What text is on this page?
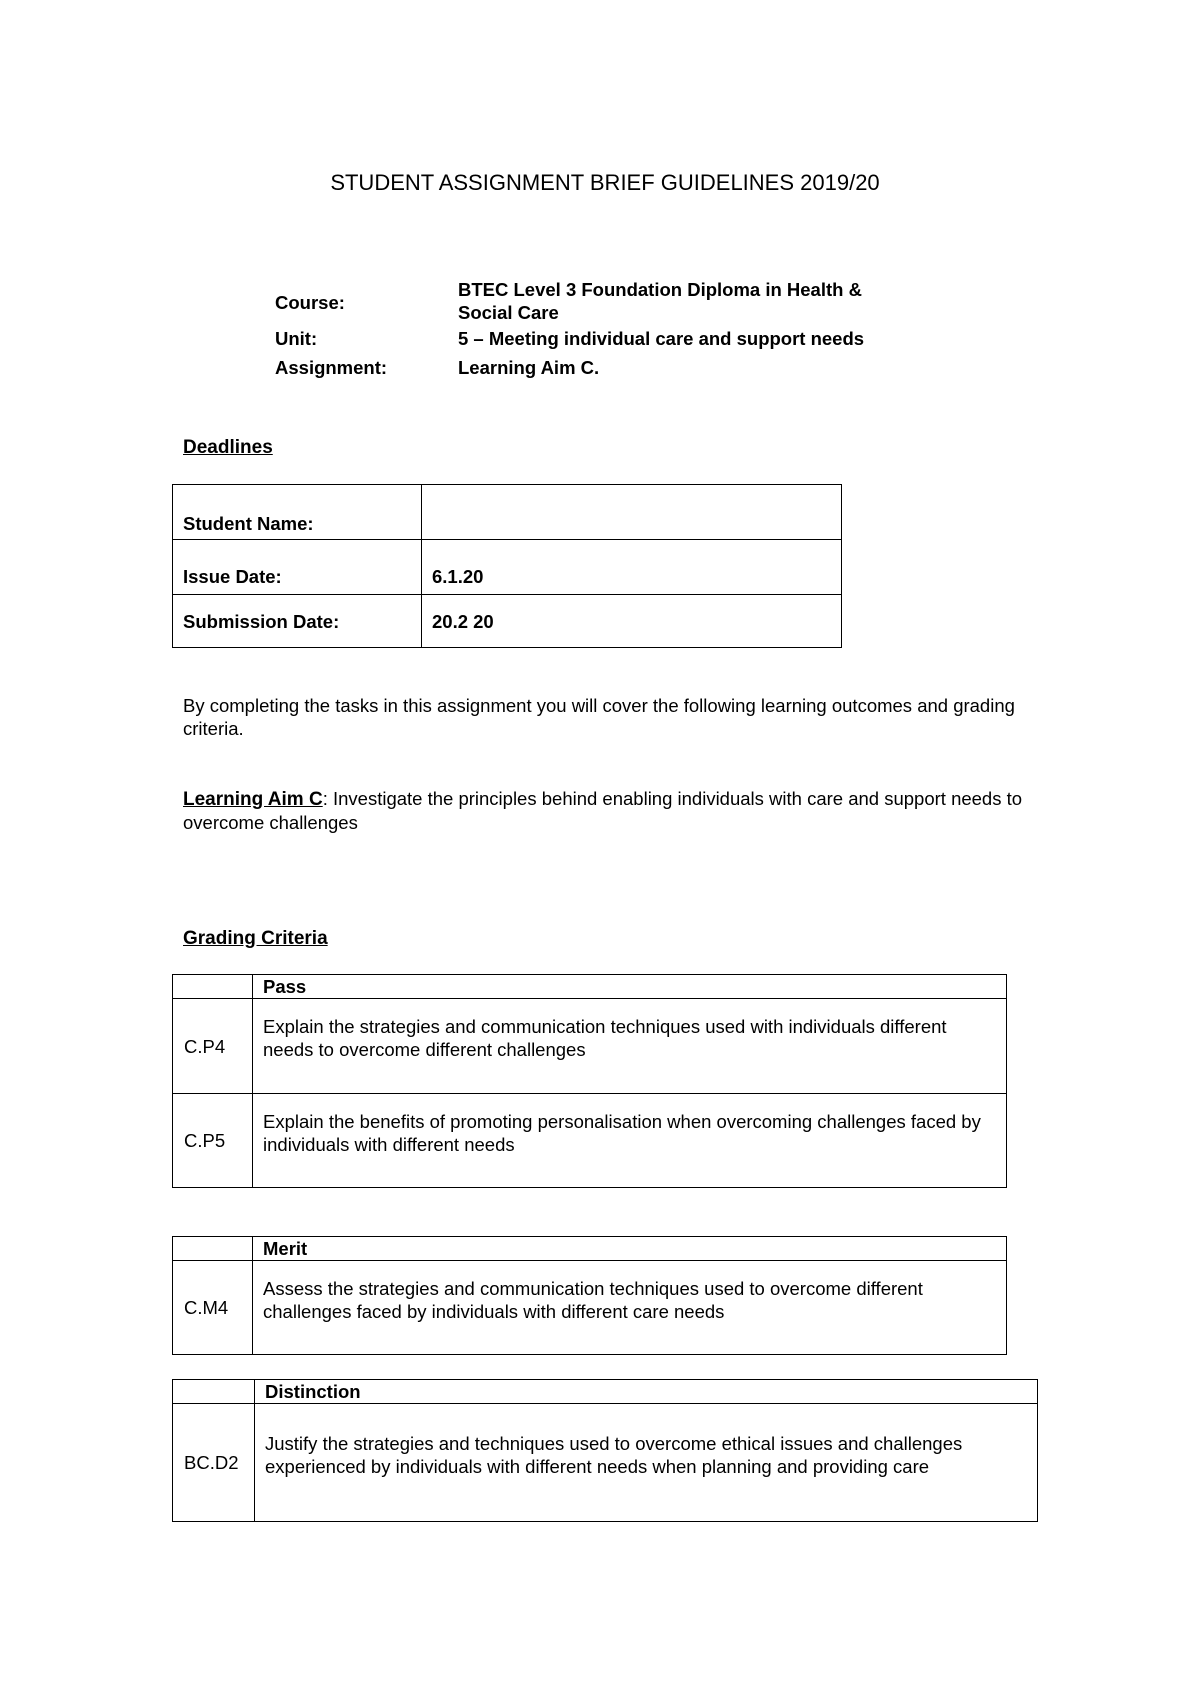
STUDENT ASSIGNMENT BRIEF GUIDELINES 2019/20
Course:	BTEC Level 3 Foundation Diploma in Health & Social Care
Unit:	5 – Meeting individual care and support needs
Assignment:	Learning Aim C.
Deadlines
Student Name:	
Issue Date:	6.1.20
Submission Date:	20.2 20
By completing the tasks in this assignment you will cover the following learning outcomes and grading criteria.
Learning Aim C: Investigate the principles behind enabling individuals with care and support needs to overcome challenges
Grading Criteria
	Pass
C.P4	Explain the strategies and communication techniques used with individuals different needs to overcome different challenges
C.P5	Explain the benefits of promoting personalisation when overcoming challenges faced by individuals with different needs
	Merit
C.M4	Assess the strategies and communication techniques used to overcome different challenges faced by individuals with different care needs
	Distinction
BC.D2	Justify the strategies and techniques used to overcome ethical issues and challenges experienced by individuals with different needs when planning and providing care
